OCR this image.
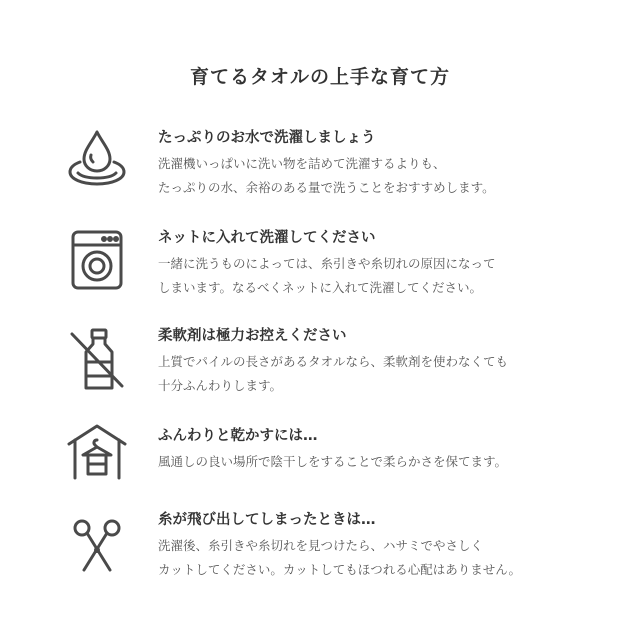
育てるタオルの上手な育て方
たっぷりのお水で洗濯しましょう
洗濯機いっぱいに洗い物を詰めて洗濯するよりも、
たっぷりの水、余裕のある量で洗うことをおすすめします。
ネットに入れて洗濯してください
一緒に洗うものによっては、糸引きや糸切れの原因になって
しまいます。なるべくネットに入れて洗濯してください。
柔軟剤は極力お控えください
上質でパイルの長さがあるタオルなら、柔軟剤を使わなくても
十分ふんわりします。
ふんわりと乾かすには…
風通しの良い場所で陰干しをすることで柔らかさを保てます。
糸が飛び出してしまったときは…
洗濯後、糸引きや糸切れを見つけたら、ハサミでやさしく
カットしてください。カットしてもほつれる心配はありません。
